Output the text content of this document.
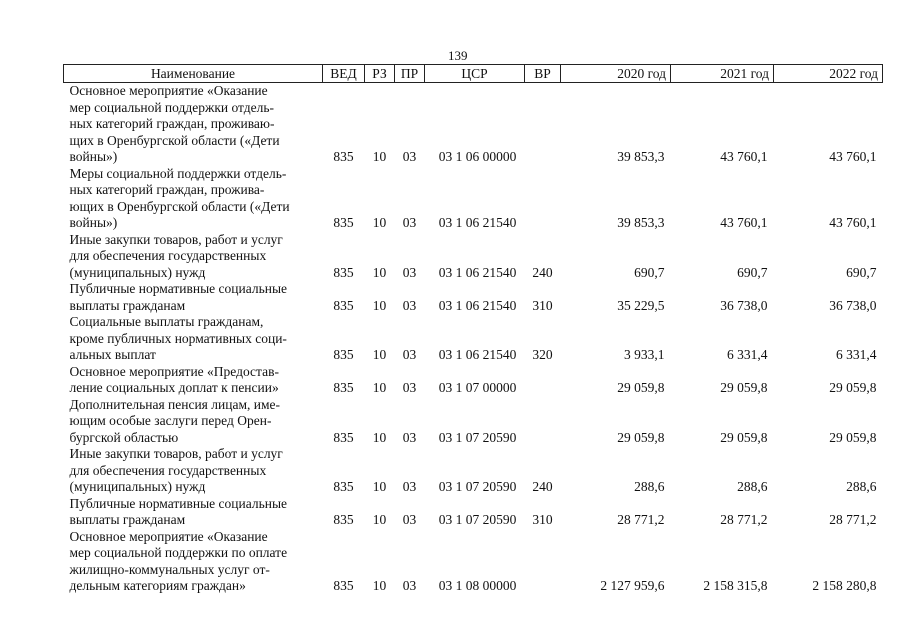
139
Наименование	ВЕД	РЗ	ПР	ЦСР	ВР	2020 год	2021 год	2022 год

Основное мероприятие «Оказание
мер социальной поддержки отдель-
ных категорий граждан, проживаю-
щих в Оренбургской области («Дети
войны»)	835	10	03	03 1 06 00000		39 853,3	43 760,1	43 760,1

Меры социальной поддержки отдель-
ных категорий граждан, прожива-
ющих в Оренбургской области («Дети
войны»)	835	10	03	03 1 06 21540		39 853,3	43 760,1	43 760,1

Иные закупки товаров, работ и услуг
для обеспечения государственных
(муниципальных) нужд	835	10	03	03 1 06 21540	240	690,7	690,7	690,7

Публичные нормативные социальные
выплаты гражданам	835	10	03	03 1 06 21540	310	35 229,5	36 738,0	36 738,0

Социальные выплаты гражданам,
кроме публичных нормативных соци-
альных выплат	835	10	03	03 1 06 21540	320	3 933,1	6 331,4	6 331,4

Основное мероприятие «Предостав-
ление социальных доплат к пенсии»	835	10	03	03 1 07 00000		29 059,8	29 059,8	29 059,8

Дополнительная пенсия лицам, име-
ющим особые заслуги перед Орен-
бургской областью	835	10	03	03 1 07 20590		29 059,8	29 059,8	29 059,8

Иные закупки товаров, работ и услуг
для обеспечения государственных
(муниципальных) нужд	835	10	03	03 1 07 20590	240	288,6	288,6	288,6

Публичные нормативные социальные
выплаты гражданам	835	10	03	03 1 07 20590	310	28 771,2	28 771,2	28 771,2

Основное мероприятие «Оказание
мер социальной поддержки по оплате
жилищно-коммунальных услуг от-
дельным категориям граждан»	835	10	03	03 1 08 00000		2 127 959,6	2 158 315,8	2 158 280,8
